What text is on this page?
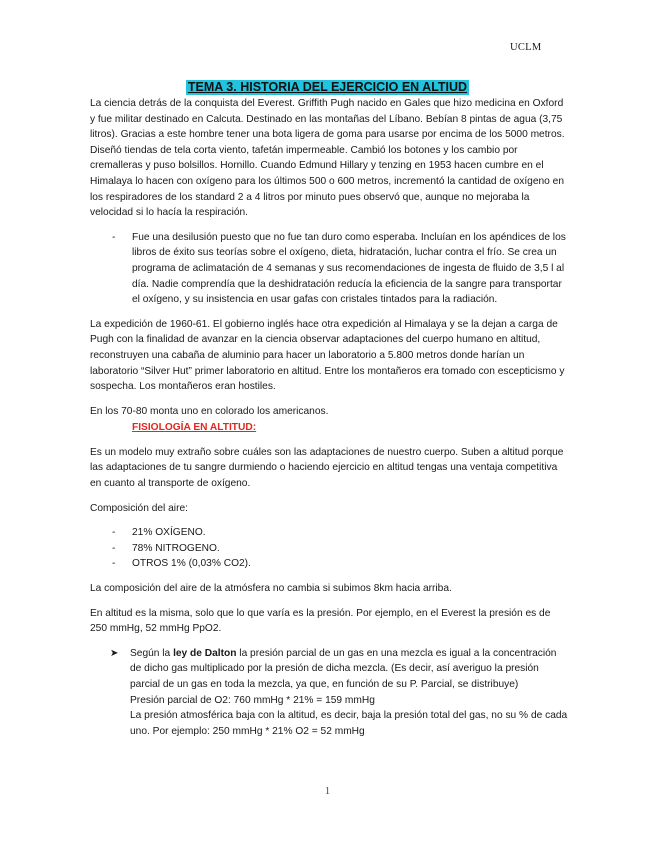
UCLM
TEMA 3. HISTORIA DEL EJERCICIO EN ALTIUD

La ciencia detrás de la conquista del Everest. Griffith Pugh nacido en Gales que hizo medicina en Oxford y fue militar destinado en Calcuta. Destinado en las montañas del Líbano. Bebían 8 pintas de agua (3,75 litros). Gracias a este hombre tener una bota ligera de goma para usarse por encima de los 5000 metros. Diseñó tiendas de tela corta viento, tafetán impermeable. Cambió los botones y los cambio por cremalleras y puso bolsillos. Hornillo. Cuando Edmund Hillary y tenzing en 1953 hacen cumbre en el Himalaya lo hacen con oxígeno para los últimos 500 o 600 metros, incrementó la cantidad de oxígeno en los respiradores de los standard 2 a 4 litros por minuto pues observó que, aunque no mejoraba la velocidad si lo hacía la respiración.

- Fue una desilusión puesto que no fue tan duro como esperaba. Incluían en los apéndices de los libros de éxito sus teorías sobre el oxígeno, dieta, hidratación, luchar contra el frío. Se crea un programa de aclimatación de 4 semanas y sus recomendaciones de ingesta de fluido de 3,5 l al día. Nadie comprendía que la deshidratación reducía la eficiencia de la sangre para transportar el oxígeno, y su insistencia en usar gafas con cristales tintados para la radiación.

La expedición de 1960-61. El gobierno inglés hace otra expedición al Himalaya y se la dejan a carga de Pugh con la finalidad de avanzar en la ciencia observar adaptaciones del cuerpo humano en altitud, reconstruyen una cabaña de aluminio para hacer un laboratorio a 5.800 metros donde harían un laboratorio “Silver Hut” primer laboratorio en altitud. Entre los montañeros era tomado con escepticismo y sospecha. Los montañeros eran hostiles.

En los 70-80 monta uno en colorado los americanos.

FISIOLOGÍA EN ALTITUD:

Es un modelo muy extraño sobre cuáles son las adaptaciones de nuestro cuerpo. Suben a altitud porque las adaptaciones de tu sangre durmiendo o haciendo ejercicio en altitud tengas una ventaja competitiva en cuanto al transporte de oxígeno.

Composición del aire:

- 21% OXÍGENO.
- 78% NITROGENO.
- OTROS 1% (0,03% CO2).

La composición del aire de la atmósfera no cambia si subimos 8km hacia arriba.

En altitud es la misma, solo que lo que varía es la presión. Por ejemplo, en el Everest la presión es de 250 mmHg, 52 mmHg PpO2.

➤ Según la ley de Dalton la presión parcial de un gas en una mezcla es igual a la concentración de dicho gas multiplicado por la presión de dicha mezcla. (Es decir, así averiguo la presión parcial de un gas en toda la mezcla, ya que, en función de su P. Parcial, se distribuye)
Presión parcial de O2: 760 mmHg * 21% = 159 mmHg
La presión atmosférica baja con la altitud, es decir, baja la presión total del gas, no su % de cada uno. Por ejemplo: 250 mmHg * 21% O2 = 52 mmHg
1
